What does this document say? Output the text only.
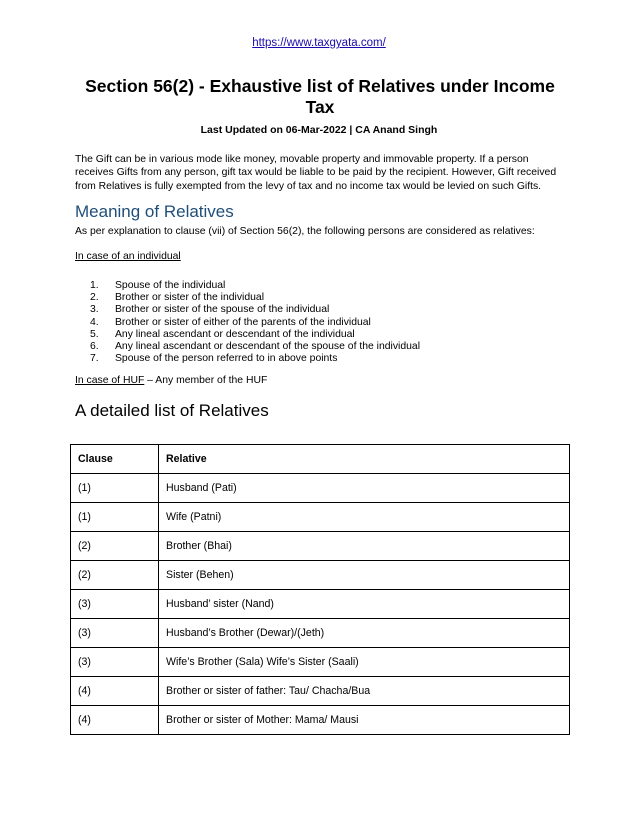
https://www.taxgyata.com/
Section 56(2) - Exhaustive list of Relatives under Income Tax
Last Updated on 06-Mar-2022 | CA Anand Singh
The Gift can be in various mode like money, movable property and immovable property. If a person receives Gifts from any person, gift tax would be liable to be paid by the recipient. However, Gift received from Relatives is fully exempted from the levy of tax and no income tax would be levied on such Gifts.
Meaning of Relatives
As per explanation to clause (vii) of Section 56(2), the following persons are considered as relatives:
In case of an individual
1.	Spouse of the individual
2.	Brother or sister of the individual
3.	Brother or sister of the spouse of the individual
4.	Brother or sister of either of the parents of the individual
5.	Any lineal ascendant or descendant of the individual
6.	Any lineal ascendant or descendant of the spouse of the individual
7.	Spouse of the person referred to in above points
In case of HUF – Any member of the HUF
A detailed list of Relatives
Clause	Relative
(1)	Husband (Pati)
(1)	Wife (Patni)
(2)	Brother (Bhai)
(2)	Sister (Behen)
(3)	Husband’ sister (Nand)
(3)	Husband’s Brother (Dewar)/(Jeth)
(3)	Wife’s Brother (Sala) Wife’s Sister (Saali)
(4)	Brother or sister of father: Tau/ Chacha/Bua
(4)	Brother or sister of Mother: Mama/ Mausi
